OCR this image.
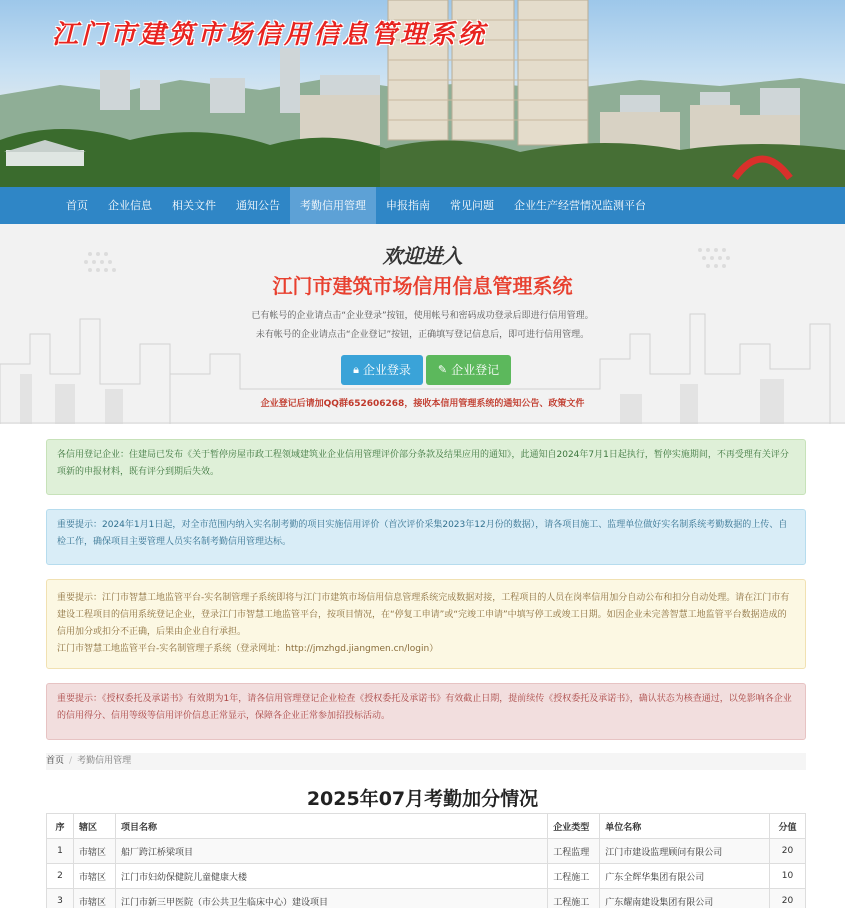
江门市建筑市场信用信息管理系统
首页	企业信息	相关文件	通知公告	考勤信用管理	申报指南	常见问题	企业生产经营情况监测平台
欢迎进入
江门市建筑市场信用信息管理系统
已有帐号的企业请点击“企业登录”按钮，使用帐号和密码成功登录后即进行信用管理。
未有帐号的企业请点击“企业登记”按钮，正确填写登记信息后，即可进行信用管理。
🔒︎ 企业登录 ✎ 企业登记
企业登记后请加QQ群652606268，接收本信用管理系统的通知公告、政策文件
各信用登记企业：住建局已发布《关于暂停房屋市政工程领域建筑业企业信用管理评价部分条款及结果应用的通知》，此通知自2024年7月1日起执行，暂停实施期间，不再受理有关评分项新的申报材料，既有评分到期后失效。
重要提示：2024年1月1日起，对全市范围内纳入实名制考勤的项目实施信用评价（首次评价采集2023年12月份的数据），请各项目施工、监理单位做好实名制系统考勤数据的上传、自检工作，确保项目主要管理人员实名制考勤信用管理达标。
重要提示：江门市智慧工地监管平台-实名制管理子系统即将与江门市建筑市场信用信息管理系统完成数据对接，工程项目的人员在岗率信用加分自动公布和扣分自动处理。请在江门市有建设工程项目的信用系统登记企业，登录江门市智慧工地监管平台，按项目情况，在“停复工申请”或“完竣工申请”中填写停工或竣工日期。如因企业未完善智慧工地监管平台数据造成的信用加分或扣分不正确，后果由企业自行承担。
江门市智慧工地监管平台-实名制管理子系统（登录网址：http://jmzhgd.jiangmen.cn/login）
重要提示：《授权委托及承诺书》有效期为1年，请各信用管理登记企业检查《授权委托及承诺书》有效截止日期，提前续传《授权委托及承诺书》，确认状态为核查通过，以免影响各企业的信用得分、信用等级等信用评价信息正常显示，保障各企业正常参加招投标活动。
首页 / 考勤信用管理
2025年07月考勤加分情况
序	辖区	项目名称	企业类型	单位名称	分值
1	市辖区	船厂跨江桥梁项目	工程监理	江门市建设监理顾问有限公司	20
2	市辖区	江门市妇幼保健院儿童健康大楼	工程施工	广东全辉华集团有限公司	10
3	市辖区	江门市新三甲医院（市公共卫生临床中心）建设项目	工程施工	广东耀南建设集团有限公司	20
